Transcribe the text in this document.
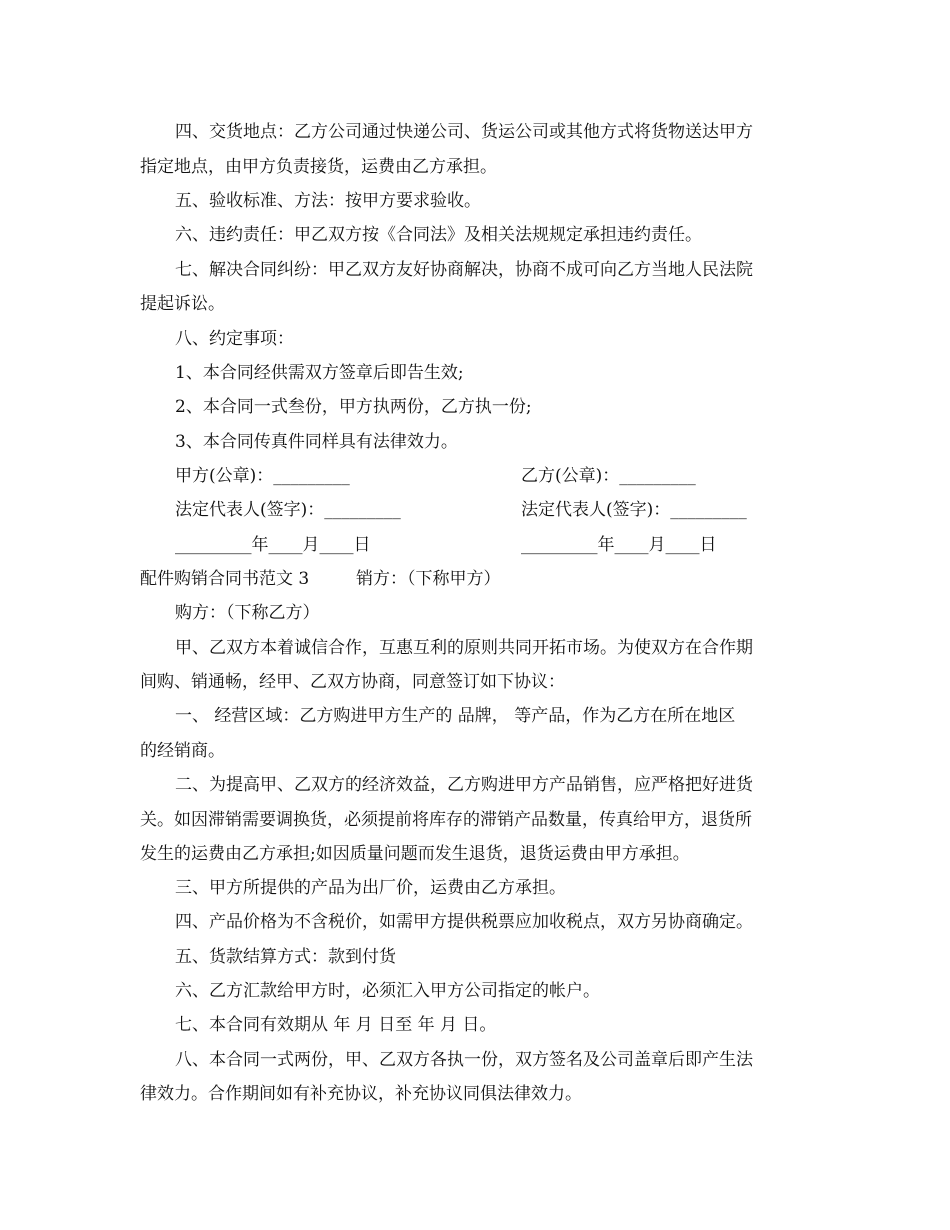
四、交货地点：乙方公司通过快递公司、货运公司或其他方式将货物送达甲方
指定地点，由甲方负责接货，运费由乙方承担。
五、验收标准、方法：按甲方要求验收。
六、违约责任：甲乙双方按《合同法》及相关法规规定承担违约责任。
七、解决合同纠纷：甲乙双方友好协商解决，协商不成可向乙方当地人民法院
提起诉讼。
八、约定事项：
1、本合同经供需双方签章后即告生效;
2、本合同一式叁份，甲方执两份，乙方执一份;
3、本合同传真件同样具有法律效力。
甲方(公章)：_________	乙方(公章)：_________
法定代表人(签字)：_________	法定代表人(签字)：_________
_________年____月____日	_________年____月____日
配件购销合同书范文 3	销方：（下称甲方）
购方：（下称乙方）
甲、乙双方本着诚信合作，互惠互利的原则共同开拓市场。为使双方在合作期
间购、销通畅，经甲、乙双方协商，同意签订如下协议：
一、 经营区域：乙方购进甲方生产的 品牌， 等产品，作为乙方在所在地区
的经销商。
二、为提高甲、乙双方的经济效益，乙方购进甲方产品销售，应严格把好进货
关。如因滞销需要调换货，必须提前将库存的滞销产品数量，传真给甲方，退货所
发生的运费由乙方承担;如因质量问题而发生退货，退货运费由甲方承担。
三、甲方所提供的产品为出厂价，运费由乙方承担。
四、产品价格为不含税价，如需甲方提供税票应加收税点，双方另协商确定。
五、货款结算方式：款到付货
六、乙方汇款给甲方时，必须汇入甲方公司指定的帐户。
七、本合同有效期从 年 月 日至 年 月 日。
八、本合同一式两份，甲、乙双方各执一份，双方签名及公司盖章后即产生法
律效力。合作期间如有补充协议，补充协议同俱法律效力。
